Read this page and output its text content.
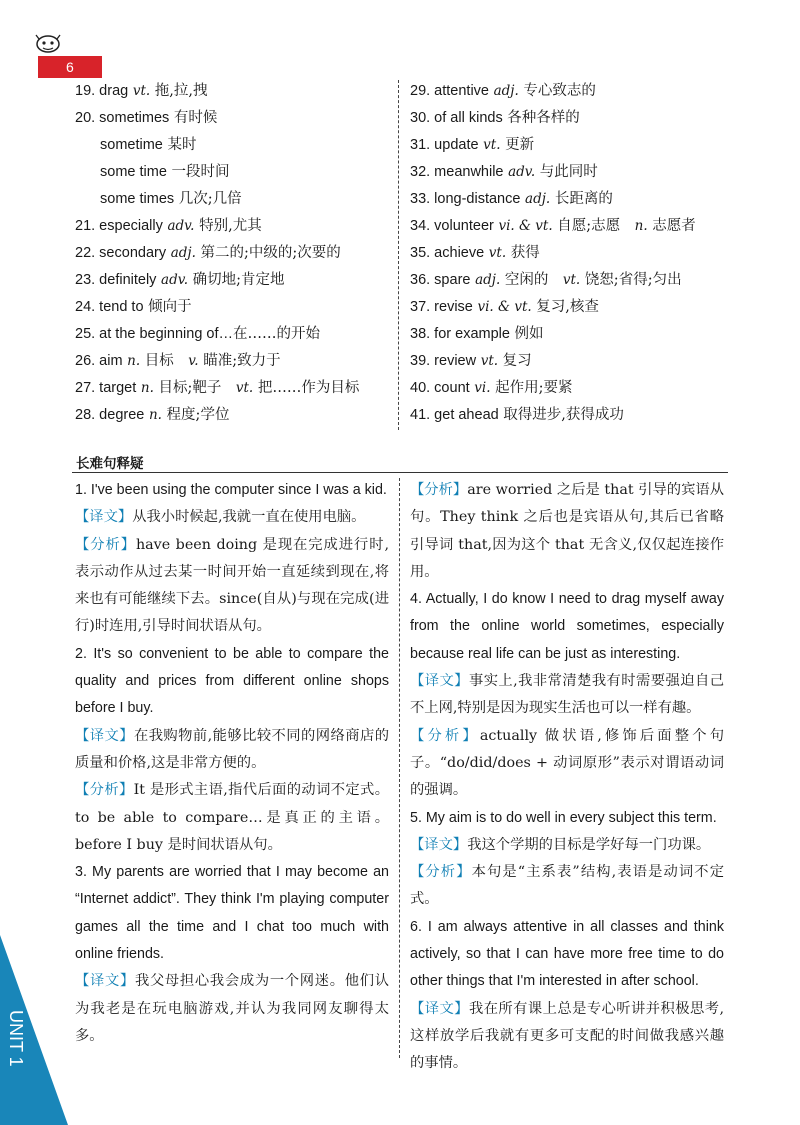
6
19. drag vt. 拖,拉,拽
20. sometimes 有时候
sometime 某时
some time 一段时间
some times 几次;几倍
21. especially adv. 特别,尤其
22. secondary adj. 第二的;中级的;次要的
23. definitely adv. 确切地;肯定地
24. tend to 倾向于
25. at the beginning of…在……的开始
26. aim n. 目标　v. 瞄准;致力于
27. target n. 目标;靶子　vt. 把……作为目标
28. degree n. 程度;学位
29. attentive adj. 专心致志的
30. of all kinds 各种各样的
31. update vt. 更新
32. meanwhile adv. 与此同时
33. long-distance adj. 长距离的
34. volunteer vi. & vt. 自愿;志愿　n. 志愿者
35. achieve vt. 获得
36. spare adj. 空闲的　vt. 饶恕;省得;匀出
37. revise vi. & vt. 复习,核查
38. for example 例如
39. review vt. 复习
40. count vi. 起作用;要紧
41. get ahead 取得进步,获得成功
长难句释疑

1. I've been using the computer since I was a kid.

【译文】从我小时候起,我就一直在使用电脑。

【分析】have been doing 是现在完成进行时,表示动作从过去某一时间开始一直延续到现在,将来也有可能继续下去。since(自从)与现在完成(进行)时连用,引导时间状语从句。

2. It's so convenient to be able to compare the quality and prices from different online shops before I buy.

【译文】在我购物前,能够比较不同的网络商店的质量和价格,这是非常方便的。

【分析】It 是形式主语,指代后面的动词不定式。to be able to compare…是真正的主语。before I buy 是时间状语从句。

3. My parents are worried that I may become an “Internet addict”. They think I'm playing computer games all the time and I chat too much with online friends.

【译文】我父母担心我会成为一个网迷。他们认为我老是在玩电脑游戏,并认为我同网友聊得太多。

【分析】are worried 之后是 that 引导的宾语从句。They think 之后也是宾语从句,其后已省略引导词 that,因为这个 that 无含义,仅仅起连接作用。

4. Actually, I do know I need to drag myself away from the online world sometimes, especially because real life can be just as interesting.

【译文】事实上,我非常清楚我有时需要强迫自己不上网,特别是因为现实生活也可以一样有趣。

【分析】actually 做状语,修饰后面整个句子。“do/did/does + 动词原形”表示对谓语动词的强调。

5. My aim is to do well in every subject this term.

【译文】我这个学期的目标是学好每一门功课。

【分析】本句是“主系表”结构,表语是动词不定式。

6. I am always attentive in all classes and think actively, so that I can have more free time to do other things that I'm interested in after school.

【译文】我在所有课上总是专心听讲并积极思考,这样放学后我就有更多可支配的时间做我感兴趣的事情。

UNIT 1
